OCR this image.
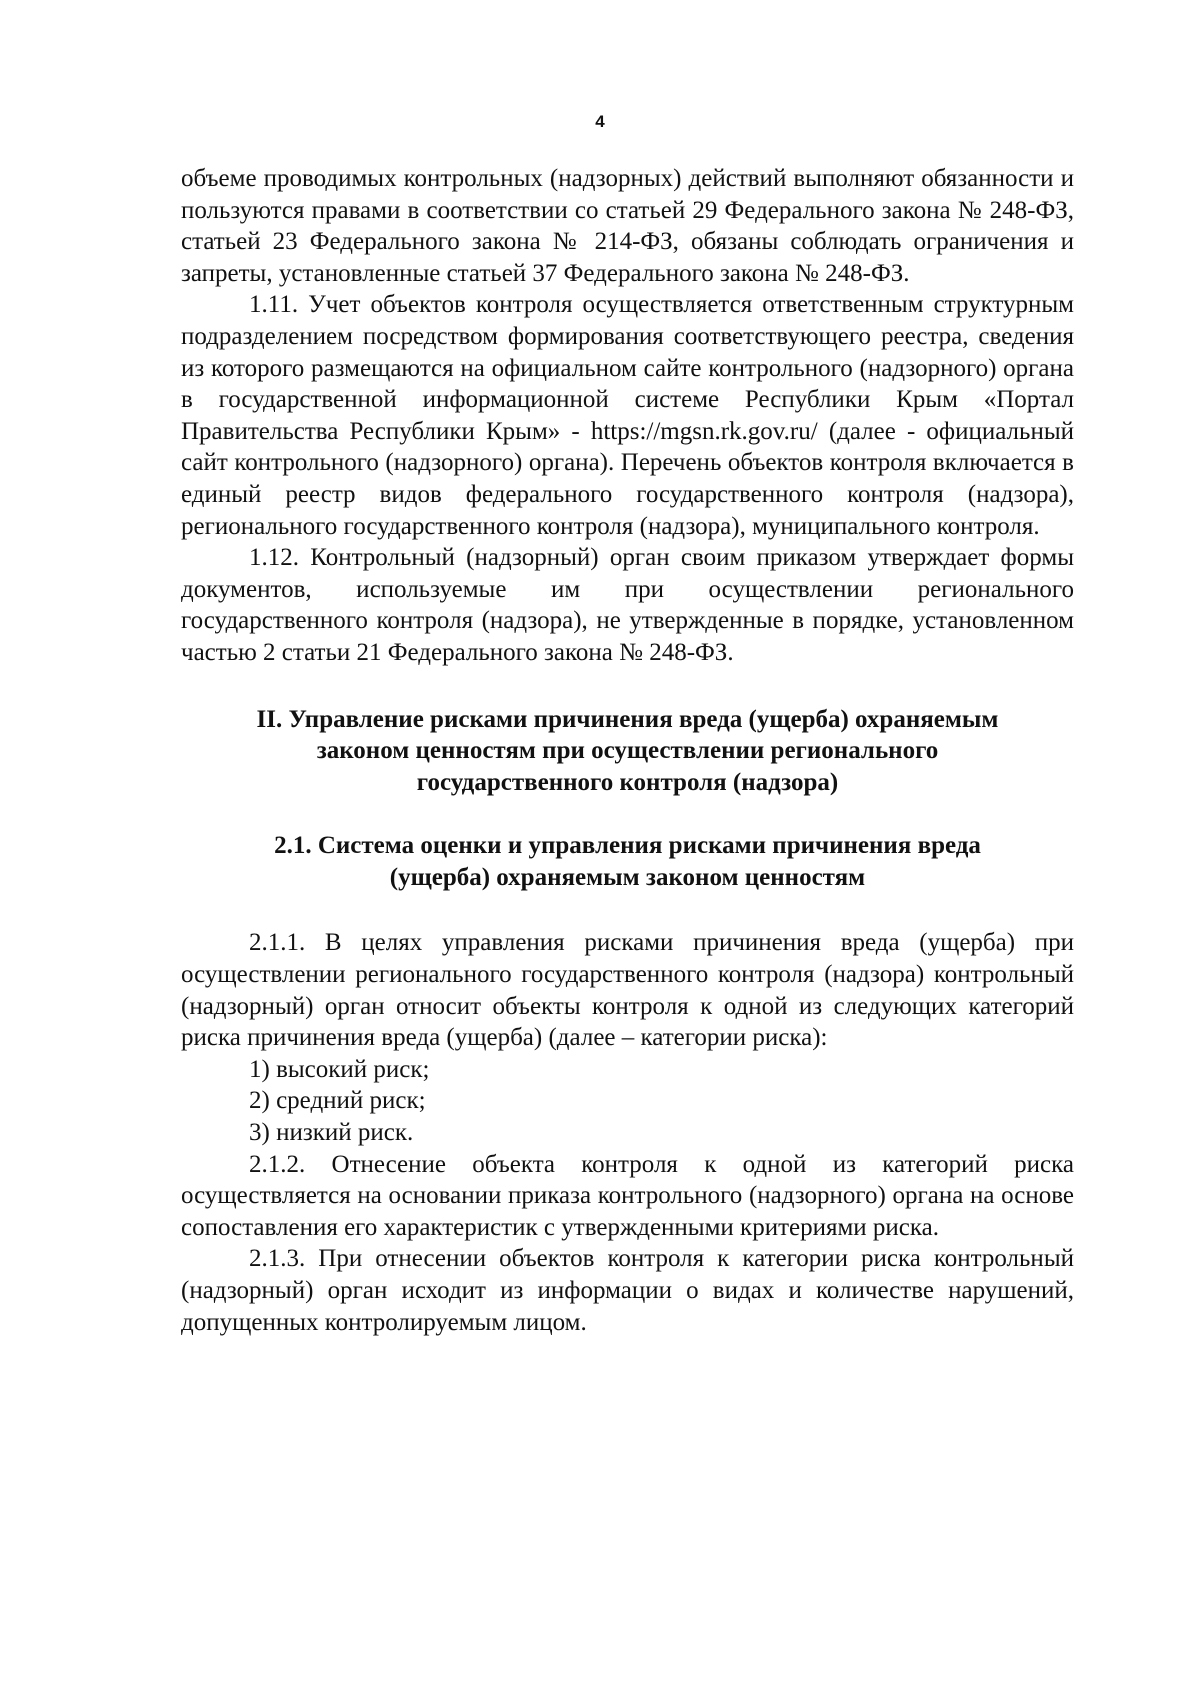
4

объеме проводимых контрольных (надзорных) действий выполняют обязанности и пользуются правами в соответствии со статьей 29 Федерального закона № 248-ФЗ, статьей 23 Федерального закона № 214-ФЗ, обязаны соблюдать ограничения и запреты, установленные статьей 37 Федерального закона № 248-ФЗ.

1.11. Учет объектов контроля осуществляется ответственным структурным подразделением посредством формирования соответствующего реестра, сведения из которого размещаются на официальном сайте контрольного (надзорного) органа в государственной информационной системе Республики Крым «Портал Правительства Республики Крым» - https://mgsn.rk.gov.ru/ (далее - официальный сайт контрольного (надзорного) органа). Перечень объектов контроля включается в единый реестр видов федерального государственного контроля (надзора), регионального государственного контроля (надзора), муниципального контроля.

1.12. Контрольный (надзорный) орган своим приказом утверждает формы документов, используемые им при осуществлении регионального государственного контроля (надзора), не утвержденные в порядке, установленном частью 2 статьи 21 Федерального закона № 248-ФЗ.

II. Управление рисками причинения вреда (ущерба) охраняемым
законом ценностям при осуществлении регионального
государственного контроля (надзора)
2.1. Система оценки и управления рисками причинения вреда
(ущерба) охраняемым законом ценностям

2.1.1. В целях управления рисками причинения вреда (ущерба) при осуществлении регионального государственного контроля (надзора) контрольный (надзорный) орган относит объекты контроля к одной из следующих категорий риска причинения вреда (ущерба) (далее – категории риска):

1) высокий риск;

2) средний риск;

3) низкий риск.

2.1.2. Отнесение объекта контроля к одной из категорий риска осуществляется на основании приказа контрольного (надзорного) органа на основе сопоставления его характеристик с утвержденными критериями риска.

2.1.3. При отнесении объектов контроля к категории риска контрольный (надзорный) орган исходит из информации о видах и количестве нарушений, допущенных контролируемым лицом.
